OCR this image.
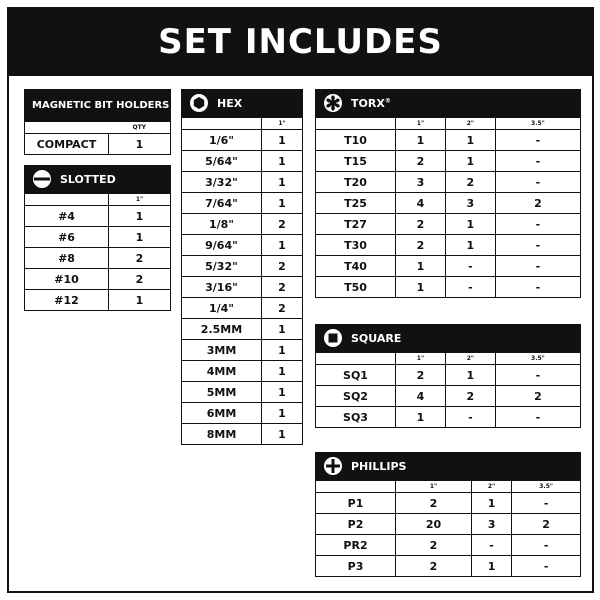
SET INCLUDES
MAGNETIC BIT HOLDERS
	QTY
COMPACT	1
SLOTTED
	1"
#4	1
#6	1
#8	2
#10	2
#12	1
HEX
	1"
1/6"	1
5/64"	1
3/32"	1
7/64"	1
1/8"	2
9/64"	1
5/32"	2
3/16"	2
1/4"	2
2.5MM	1
3MM	1
4MM	1
5MM	1
6MM	1
8MM	1
TORX®
	1"	2"	3.5"
T10	1	1	-
T15	2	1	-
T20	3	2	-
T25	4	3	2
T27	2	1	-
T30	2	1	-
T40	1	-	-
T50	1	-	-
SQUARE
	1"	2"	3.5"
SQ1	2	1	-
SQ2	4	2	2
SQ3	1	-	-
PHILLIPS
	1"	2"	3.5"
P1	2	1	-
P2	20	3	2
PR2	2	-	-
P3	2	1	-
